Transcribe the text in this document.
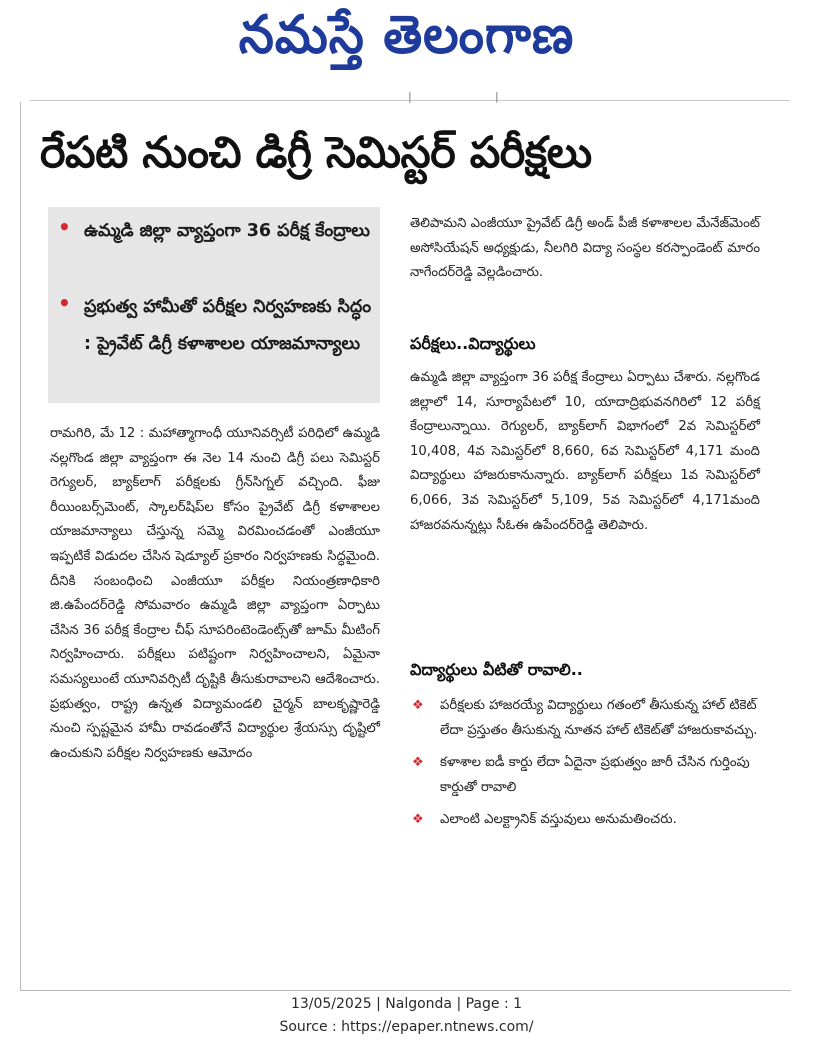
|	|
నమస్తే తెలంగాణ
రేపటి నుంచి డిగ్రీ సెమిస్టర్ పరీక్షలు
• ఉమ్మడి జిల్లా వ్యాప్తంగా 36 పరీక్ష కేంద్రాలు
• ప్రభుత్వ హామీతో పరీక్షల నిర్వహణకు సిద్ధం : ప్రైవేట్ డిగ్రీ కళాశాలల యాజమాన్యాలు

రామగిరి, మే 12 : మహాత్మాగాంధీ యూనివర్సిటీ పరిధిలో ఉమ్మడి నల్లగొండ జిల్లా వ్యాప్తంగా ఈ నెల 14 నుంచి డిగ్రీ పలు సెమిస్టర్ రెగ్యులర్, బ్యాక్‌లాగ్ పరీక్షలకు గ్రీన్‌సిగ్నల్ వచ్చింది. ఫీజు రీయింబర్స్‌మెంట్, స్కాలర్‌షిప్‌ల కోసం ప్రైవేట్ డిగ్రీ కళాశాలల యాజమాన్యాలు చేస్తున్న సమ్మె విరమించడంతో ఎంజీయూ ఇప్పటికే విడుదల చేసిన షెడ్యూల్ ప్రకారం నిర్వహణకు సిద్ధమైంది. దీనికి సంబంధించి ఎంజీయూ పరీక్షల నియంత్రణాధికారి జి.ఉపేందర్‌రెడ్డి సోమవారం ఉమ్మడి జిల్లా వ్యాప్తంగా ఏర్పాటు చేసిన 36 పరీక్ష కేంద్రాల చీఫ్ సూపరింటెండెంట్స్‌తో జూమ్ మీటింగ్ నిర్వహించారు. పరీక్షలు పటిష్టంగా నిర్వహించాలని, ఏమైనా సమస్యలుంటే యూనివర్సిటీ దృష్టికి తీసుకురావాలని ఆదేశించారు. ప్రభుత్వం, రాష్ట్ర ఉన్నత విద్యామండలి చైర్మన్ బాలకృష్ణారెడ్డి నుంచి స్పష్టమైన హామీ రావడంతోనే విద్యార్థుల శ్రేయస్సు దృష్టిలో ఉంచుకుని పరీక్షల నిర్వహణకు ఆమోదం

తెలిపామని ఎంజీయూ ప్రైవేట్ డిగ్రీ అండ్ పీజీ కళాశాలల మేనేజ్‌మెంట్ అసోసియేషన్ అధ్యక్షుడు, నీలగిరి విద్యా సంస్థల కరస్పాండెంట్ మారం నాగేందర్‌రెడ్డి వెల్లడించారు.

పరీక్షలు..విద్యార్థులు

ఉమ్మడి జిల్లా వ్యాప్తంగా 36 పరీక్ష కేంద్రాలు ఏర్పాటు చేశారు. నల్లగొండ జిల్లాలో 14, సూర్యాపేటలో 10, యాదాద్రిభువనగిరిలో 12 పరీక్ష కేంద్రాలున్నాయి. రెగ్యులర్, బ్యాక్‌లాగ్ విభాగంలో 2వ సెమిస్టర్‌లో 10,408, 4వ సెమిస్టర్‌లో 8,660, 6వ సెమిస్టర్‌లో 4,171 మంది విద్యార్థులు హాజరుకానున్నారు. బ్యాక్‌లాగ్ పరీక్షలు 1వ సెమిస్టర్‌లో 6,066, 3వ సెమిస్టర్‌లో 5,109, 5వ సెమిస్టర్‌లో 4,171మంది హాజరవనున్నట్లు సీఓఈ ఉపేందర్‌రెడ్డి తెలిపారు.

విద్యార్థులు వీటితో రావాలి..
❖ పరీక్షలకు హాజరయ్యే విద్యార్థులు గతంలో తీసుకున్న హాల్ టికెట్ లేదా ప్రస్తుతం తీసుకున్న నూతన హాల్ టికెట్‌తో హాజరుకావచ్చు.
❖ కళాశాల ఐడీ కార్డు లేదా ఏదైనా ప్రభుత్వం జారీ చేసిన గుర్తింపు కార్డుతో రావాలి
❖ ఎలాంటి ఎలక్ట్రానిక్ వస్తువులు అనుమతించరు.
13/05/2025 | Nalgonda | Page : 1
Source : https://epaper.ntnews.com/
